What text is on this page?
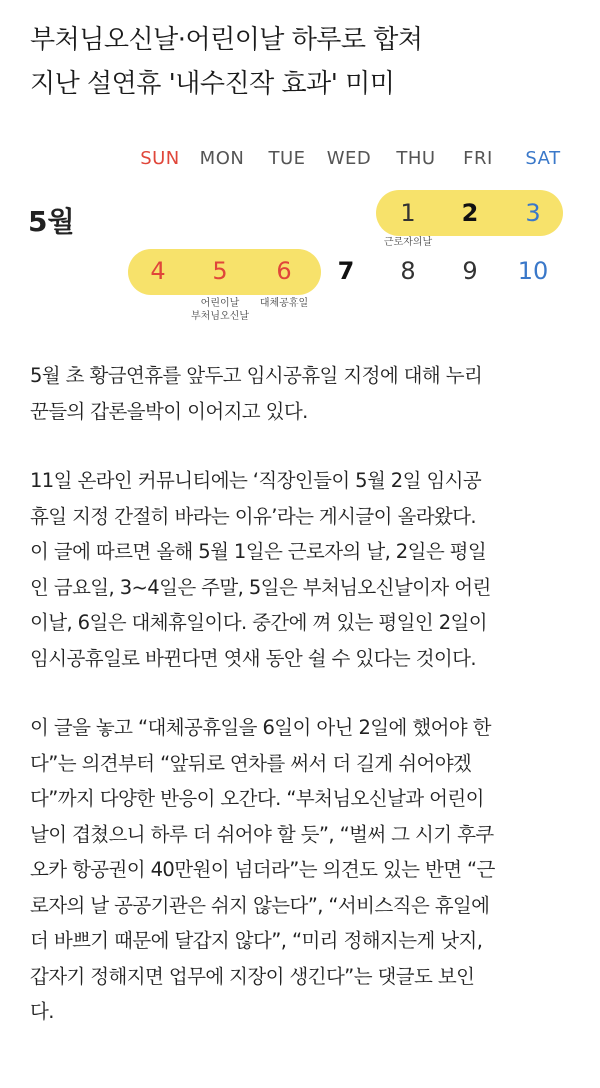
부처님오신날·어린이날 하루로 합쳐
지난 설연휴 '내수진작 효과' 미미
SUN MON TUE WED THU FRI SAT
5월	1 2 3
4 5 6 7 8 9 10
근로자의날
어린이날
부처님오신날
대체공휴일
5월 초 황금연휴를 앞두고 임시공휴일 지정에 대해 누리
꾼들의 갑론을박이 이어지고 있다.
11일 온라인 커뮤니티에는 ‘직장인들이 5월 2일 임시공
휴일 지정 간절히 바라는 이유’라는 게시글이 올라왔다.
이 글에 따르면 올해 5월 1일은 근로자의 날, 2일은 평일
인 금요일, 3~4일은 주말, 5일은 부처님오신날이자 어린
이날, 6일은 대체휴일이다. 중간에 껴 있는 평일인 2일이
임시공휴일로 바뀐다면 엿새 동안 쉴 수 있다는 것이다.
이 글을 놓고 “대체공휴일을 6일이 아닌 2일에 했어야 한
다”는 의견부터 “앞뒤로 연차를 써서 더 길게 쉬어야겠
다”까지 다양한 반응이 오간다. “부처님오신날과 어린이
날이 겹쳤으니 하루 더 쉬어야 할 듯”, “벌써 그 시기 후쿠
오카 항공권이 40만원이 넘더라”는 의견도 있는 반면 “근
로자의 날 공공기관은 쉬지 않는다”, “서비스직은 휴일에
더 바쁘기 때문에 달갑지 않다”, “미리 정해지는게 낫지,
갑자기 정해지면 업무에 지장이 생긴다”는 댓글도 보인
다.
